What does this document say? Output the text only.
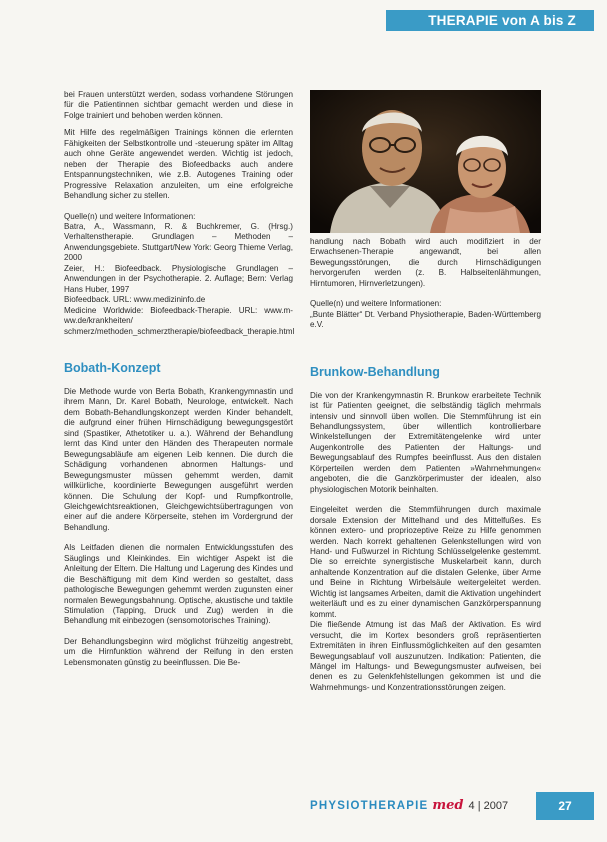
THERAPIE von A bis Z

bei Frauen unterstützt werden, sodass vorhandene Störungen für die Patientinnen sichtbar gemacht werden und diese in Folge trainiert und behoben werden können.

Mit Hilfe des regelmäßigen Trainings können die erlernten Fähigkeiten der Selbstkontrolle und -steuerung später im Alltag auch ohne Geräte angewendet werden. Wichtig ist jedoch, neben der Therapie des Biofeedbacks auch andere Entspannungstechniken, wie z.B. Autogenes Training oder Progressive Relaxation anzuleiten, um eine erfolgreiche Behandlung sicher zu stellen.

Quelle(n) und weitere Informationen:

Batra, A., Wassmann, R. & Buchkremer, G. (Hrsg.) Verhaltenstherapie. Grundlagen – Methoden – Anwendungsgebiete. Stuttgart/New York: Georg Thieme Verlag, 2000

Zeier, H.: Biofeedback. Physiologische Grundlagen – Anwendungen in der Psychotherapie. 2. Auflage; Bern: Verlag Hans Huber, 1997

Biofeedback. URL: www.medizininfo.de

Medicine Worldwide: Biofeedback-Therapie. URL: www.m-ww.de/krankheiten/ schmerz/methoden_schmerztherapie/biofeedback_therapie.html

Bobath-Konzept

Die Methode wurde von Berta Bobath, Krankengymnastin und ihrem Mann, Dr. Karel Bobath, Neurologe, entwickelt. Nach dem Bobath-Behandlungskonzept werden Kinder behandelt, die aufgrund einer frühen Hirnschädigung bewegungsgestört sind (Spastiker, Athetotiker u. a.). Während der Behandlung lernt das Kind unter den Händen des Therapeuten normale Bewegungsabläufe am eigenen Leib kennen. Die durch die Schädigung vorhandenen abnormen Haltungs- und Bewegungsmuster müssen gehemmt werden, damit willkürliche, koordinierte Bewegungen ausgeführt werden können. Die Schulung der Kopf- und Rumpfkontrolle, Gleichgewichtsreaktionen, Gleichgewichtsübertragungen von einer auf die andere Körperseite, stehen im Vordergrund der Behandlung.

Als Leitfaden dienen die normalen Entwicklungsstufen des Säuglings und Kleinkindes. Ein wichtiger Aspekt ist die Anleitung der Eltern. Die Haltung und Lagerung des Kindes und die Beschäftigung mit dem Kind werden so gestaltet, dass pathologische Bewegungen gehemmt werden zugunsten einer normalen Bewegungsbahnung. Optische, akustische und taktile Stimulation (Tapping, Druck und Zug) werden in die Behandlung mit einbezogen (sensomotorisches Training).

Der Behandlungsbeginn wird möglichst frühzeitig angestrebt, um die Hirnfunktion während der Reifung in den ersten Lebensmonaten günstig zu beeinflussen. Die Be-

handlung nach Bobath wird auch modifiziert in der Erwachsenen-Therapie angewandt, bei allen Bewegungsstörungen, die durch Hirnschädigungen hervorgerufen werden (z. B. Halbseitenlähmungen, Hirntumoren, Hirnverletzungen).

Quelle(n) und weitere Informationen:

„Bunte Blätter“ Dt. Verband Physiotherapie, Baden-Württemberg e.V.

Brunkow-Behandlung

Die von der Krankengymnastin R. Brunkow erarbeitete Technik ist für Patienten geeignet, die selbständig täglich mehrmals intensiv und sinnvoll üben wollen. Die Stemmführung ist ein Behandlungssystem, über willentlich kontrollierbare Winkelstellungen der Extremitätengelenke wird unter Augenkontrolle des Patienten der Haltungs- und Bewegungsablauf des Rumpfes beeinflusst. Aus den distalen Körperteilen werden dem Patienten »Wahrnehmungen« angeboten, die die Ganzkörperimuster der idealen, also physiologischen Motorik beinhalten.

Eingeleitet werden die Stemmführungen durch maximale dorsale Extension der Mittelhand und des Mittelfußes. Es können extero- und propriozeptive Reize zu Hilfe genommen werden. Nach korrekt gehaltenen Gelenkstellungen wird von Hand- und Fußwurzel in Richtung Schlüsselgelenke gestemmt. Die so erreichte synergistische Muskelarbeit kann, durch anhaltende Konzentration auf die distalen Gelenke, über Arme und Beine in Richtung Wirbelsäule weitergeleitet werden. Wichtig ist langsames Arbeiten, damit die Aktivation ungehindert weiterläuft und es zu einer dynamischen Ganzkörperspannung kommt.

Die fließende Atmung ist das Maß der Aktivation. Es wird versucht, die im Kortex besonders groß repräsentierten Extremitäten in ihren Einflussmöglichkeiten auf den gesamten Bewegungsablauf voll auszunutzen. Indikation: Patienten, die Mängel im Haltungs- und Bewegungsmuster aufweisen, bei denen es zu Gelenkfehlstellungen gekommen ist und die Wahrnehmungs- und Konzentrationsstörungen zeigen.

PHYSIOTHERAPIE med 4 | 2007	27
